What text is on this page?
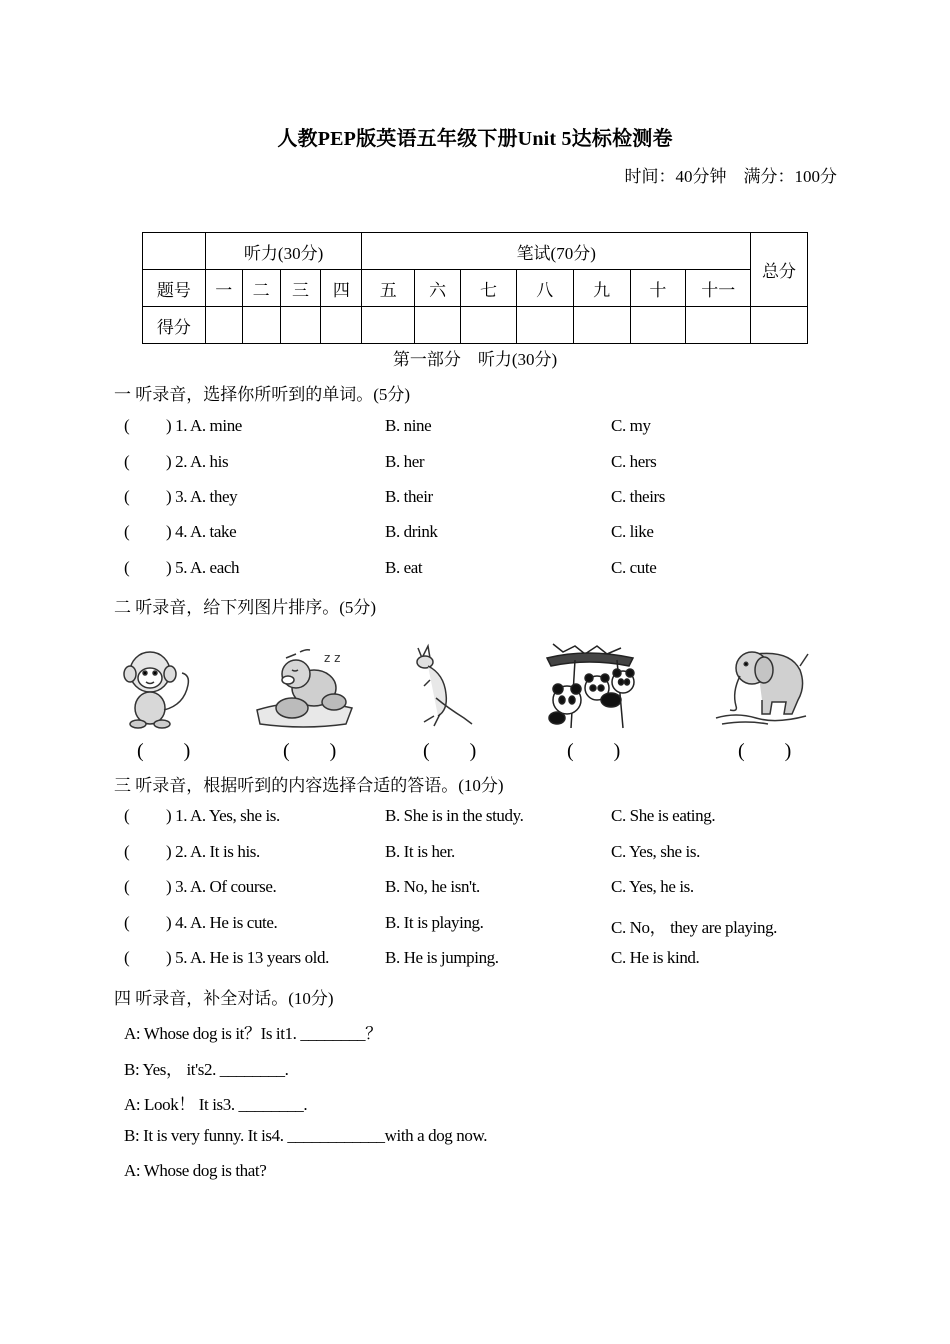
人教PEP版英语五年级下册Unit 5达标检测卷
时间：40分钟 满分：100分
	听力(30分)				笔试(70分)							总分
题号	一	二	三	四	五	六	七	八	九	十	十一	
得分												
第一部分　听力(30分)
一 听录音，选择你所听到的单词。(5分)
( ) 1. A. mine	B. nine	C. my
( ) 2. A. his	B. her	C. hers
( ) 3. A. they	B. their	C. theirs
( ) 4. A. take	B. drink	C. like
( ) 5. A. each	B. eat	C. cute
二 听录音，给下列图片排序。(5分)
z z
(　　)	(　　)	(　　)	(　　)	(　　)
三 听录音，根据听到的内容选择合适的答语。(10分)
( ) 1. A. Yes, she is.	B. She is in the study.	C. She is eating.
( ) 2. A. It is his.	B. It is her.	C. Yes, she is.
( ) 3. A. Of course.	B. No, he isn't.	C. Yes, he is.
( ) 4. A. He is cute.	B. It is playing.	C. No， they are playing.
( ) 5. A. He is 13 years old.	B. He is jumping.	C. He is kind.
四 听录音，补全对话。(10分)
A: Whose dog is it？Is it1. ________？
B: Yes， it's2. ________.
A: Look！ It is3. ________.
B: It is very funny. It is4. ____________with a dog now.
A: Whose dog is that?
